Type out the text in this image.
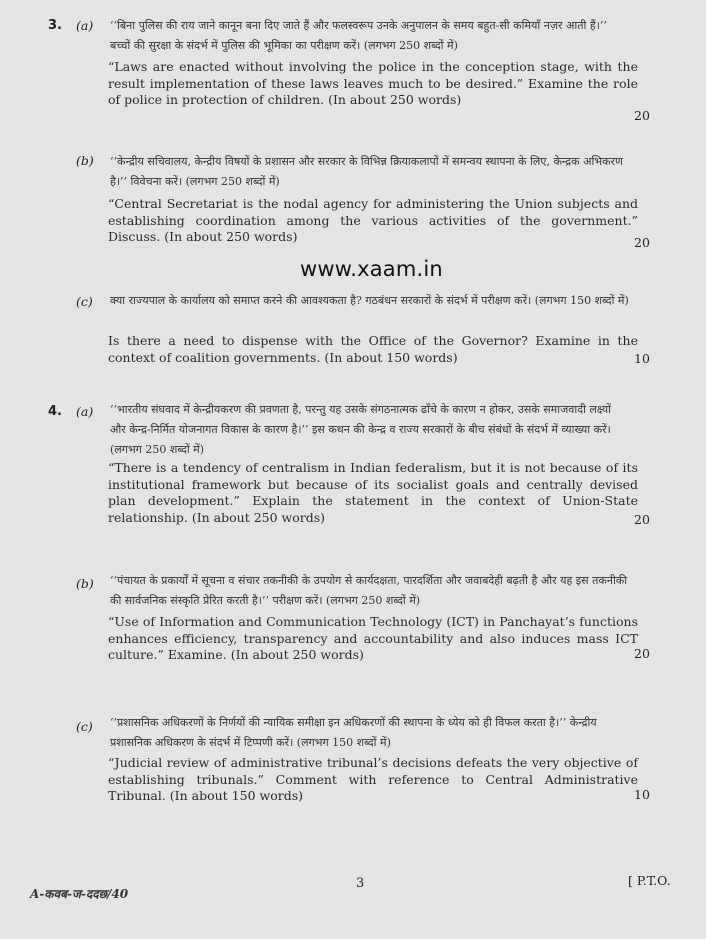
3. (a) ‘‘बिना पुलिस की राय जाने कानून बना दिए जाते हैं और फलस्वरूप उनके अनुपालन के समय बहुत-सी कमियाँ नज़र आती हैं।’’ बच्चों की सुरक्षा के संदर्भ में पुलिस की भूमिका का परीक्षण करें। (लगभग 250 शब्दों में)
“Laws are enacted without involving the police in the conception stage, with the result implementation of these laws leaves much to be desired.” Examine the role of police in protection of children. (In about 250 words)
20
(b) ‘‘केन्द्रीय सचिवालय, केन्द्रीय विषयों के प्रशासन और सरकार के विभिन्न क्रियाकलापों में समन्वय स्थापना के लिए, केन्द्रक अभिकरण है।’’ विवेचना करें। (लगभग 250 शब्दों में)
“Central Secretariat is the nodal agency for administering the Union subjects and establishing coordination among the various activities of the government.” Discuss. (In about 250 words)	20
www.xaam.in
(c) क्या राज्यपाल के कार्यालय को समाप्त करने की आवश्यकता है? गठबंधन सरकारों के संदर्भ में परीक्षण करें। (लगभग 150 शब्दों में)
Is there a need to dispense with the Office of the Governor? Examine in the context of coalition governments. (In about 150 words)	10
4. (a) ‘‘भारतीय संघवाद में केन्द्रीयकरण की प्रवणता है, परन्तु यह उसके संगठनात्मक ढाँचे के कारण न होकर, उसके समाजवादी लक्ष्यों और केन्द्र-निर्मित योजनागत विकास के कारण है।’’ इस कथन की केन्द्र व राज्य सरकारों के बीच संबंधों के संदर्भ में व्याख्या करें। (लगभग 250 शब्दों में)
“There is a tendency of centralism in Indian federalism, but it is not because of its institutional framework but because of its socialist goals and centrally devised plan development.” Explain the statement in the context of Union-State relationship. (In about 250 words)	20
(b) ‘‘पंचायत के प्रकार्यों में सूचना व संचार तकनीकी के उपयोग से कार्यदक्षता, पारदर्शिता और जवाबदेही बढ़ती है और यह इस तकनीकी की सार्वजनिक संस्कृति प्रेरित करती है।’’ परीक्षण करें। (लगभग 250 शब्दों में)
“Use of Information and Communication Technology (ICT) in Panchayat’s functions enhances efficiency, transparency and accountability and also induces mass ICT culture.” Examine. (In about 250 words)	20
(c) ‘‘प्रशासनिक अधिकरणों के निर्णयों की न्यायिक समीक्षा इन अधिकरणों की स्थापना के ध्येय को ही विफल करता है।’’ केन्द्रीय प्रशासनिक अधिकरण के संदर्भ में टिप्पणी करें। (लगभग 150 शब्दों में)
“Judicial review of administrative tribunal’s decisions defeats the very objective of establishing tribunals.” Comment with reference to Central Administrative Tribunal. (In about 150 words)	10
A-कवब-ज-ददछ/40
3	[ P.T.O.
